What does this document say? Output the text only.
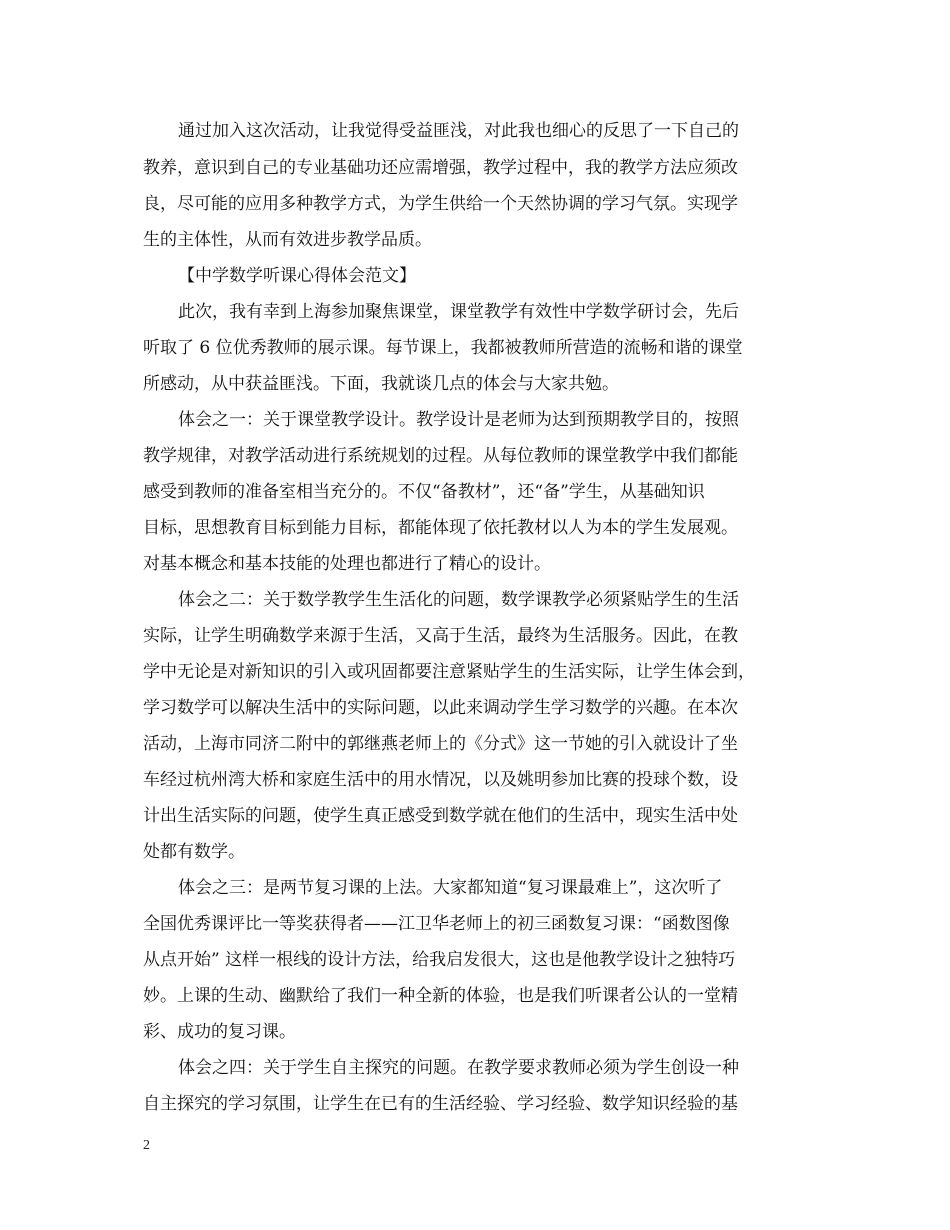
通过加入这次活动，让我觉得受益匪浅，对此我也细心的反思了一下自己的
教养，意识到自己的专业基础功还应需增强，教学过程中，我的教学方法应须改
良，尽可能的应用多种教学方式，为学生供给一个天然协调的学习气氛。实现学
生的主体性，从而有效进步教学品质。
【中学数学听课心得体会范文】
此次，我有幸到上海参加聚焦课堂，课堂教学有效性中学数学研讨会，先后
听取了 6 位优秀教师的展示课。每节课上，我都被教师所营造的流畅和谐的课堂
所感动，从中获益匪浅。下面，我就谈几点的体会与大家共勉。
体会之一：关于课堂教学设计。教学设计是老师为达到预期教学目的，按照
教学规律，对教学活动进行系统规划的过程。从每位教师的课堂教学中我们都能
感受到教师的准备室相当充分的。不仅“备教材”，还“备”学生，从基础知识
目标，思想教育目标到能力目标，都能体现了依托教材以人为本的学生发展观。
对基本概念和基本技能的处理也都进行了精心的设计。
体会之二：关于数学教学生生活化的问题，数学课教学必须紧贴学生的生活
实际，让学生明确数学来源于生活，又高于生活，最终为生活服务。因此，在教
学中无论是对新知识的引入或巩固都要注意紧贴学生的生活实际，让学生体会到，
学习数学可以解决生活中的实际问题，以此来调动学生学习数学的兴趣。在本次
活动，上海市同济二附中的郭继燕老师上的《分式》这一节她的引入就设计了坐
车经过杭州湾大桥和家庭生活中的用水情况，以及姚明参加比赛的投球个数，设
计出生活实际的问题，使学生真正感受到数学就在他们的生活中，现实生活中处
处都有数学。
体会之三：是两节复习课的上法。大家都知道“复习课最难上”，这次听了
全国优秀课评比一等奖获得者——江卫华老师上的初三函数复习课：“函数图像
从点开始” 这样一根线的设计方法，给我启发很大，这也是他教学设计之独特巧
妙。上课的生动、幽默给了我们一种全新的体验，也是我们听课者公认的一堂精
彩、成功的复习课。
体会之四：关于学生自主探究的问题。在教学要求教师必须为学生创设一种
自主探究的学习氛围，让学生在已有的生活经验、学习经验、数学知识经验的基
2
